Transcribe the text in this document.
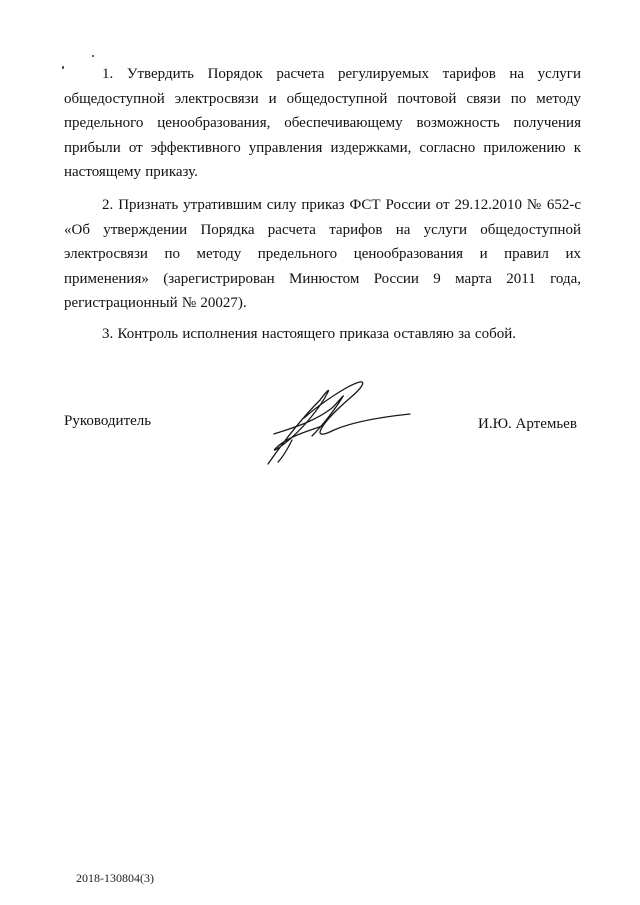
1. Утвердить Порядок расчета регулируемых тарифов на услуги общедоступной электросвязи и общедоступной почтовой связи по методу предельного ценообразования, обеспечивающему возможность получения прибыли от эффективного управления издержками, согласно приложению к настоящему приказу.

2. Признать утратившим силу приказ ФСТ России от 29.12.2010 № 652-с «Об утверждении Порядка расчета тарифов на услуги общедоступной электросвязи по методу предельного ценообразования и правил их применения» (зарегистрирован Минюстом России 9 марта 2011 года, регистрационный № 20027).

3. Контроль исполнения настоящего приказа оставляю за собой.

Руководитель	И.Ю. Артемьев
2018-130804(3)
